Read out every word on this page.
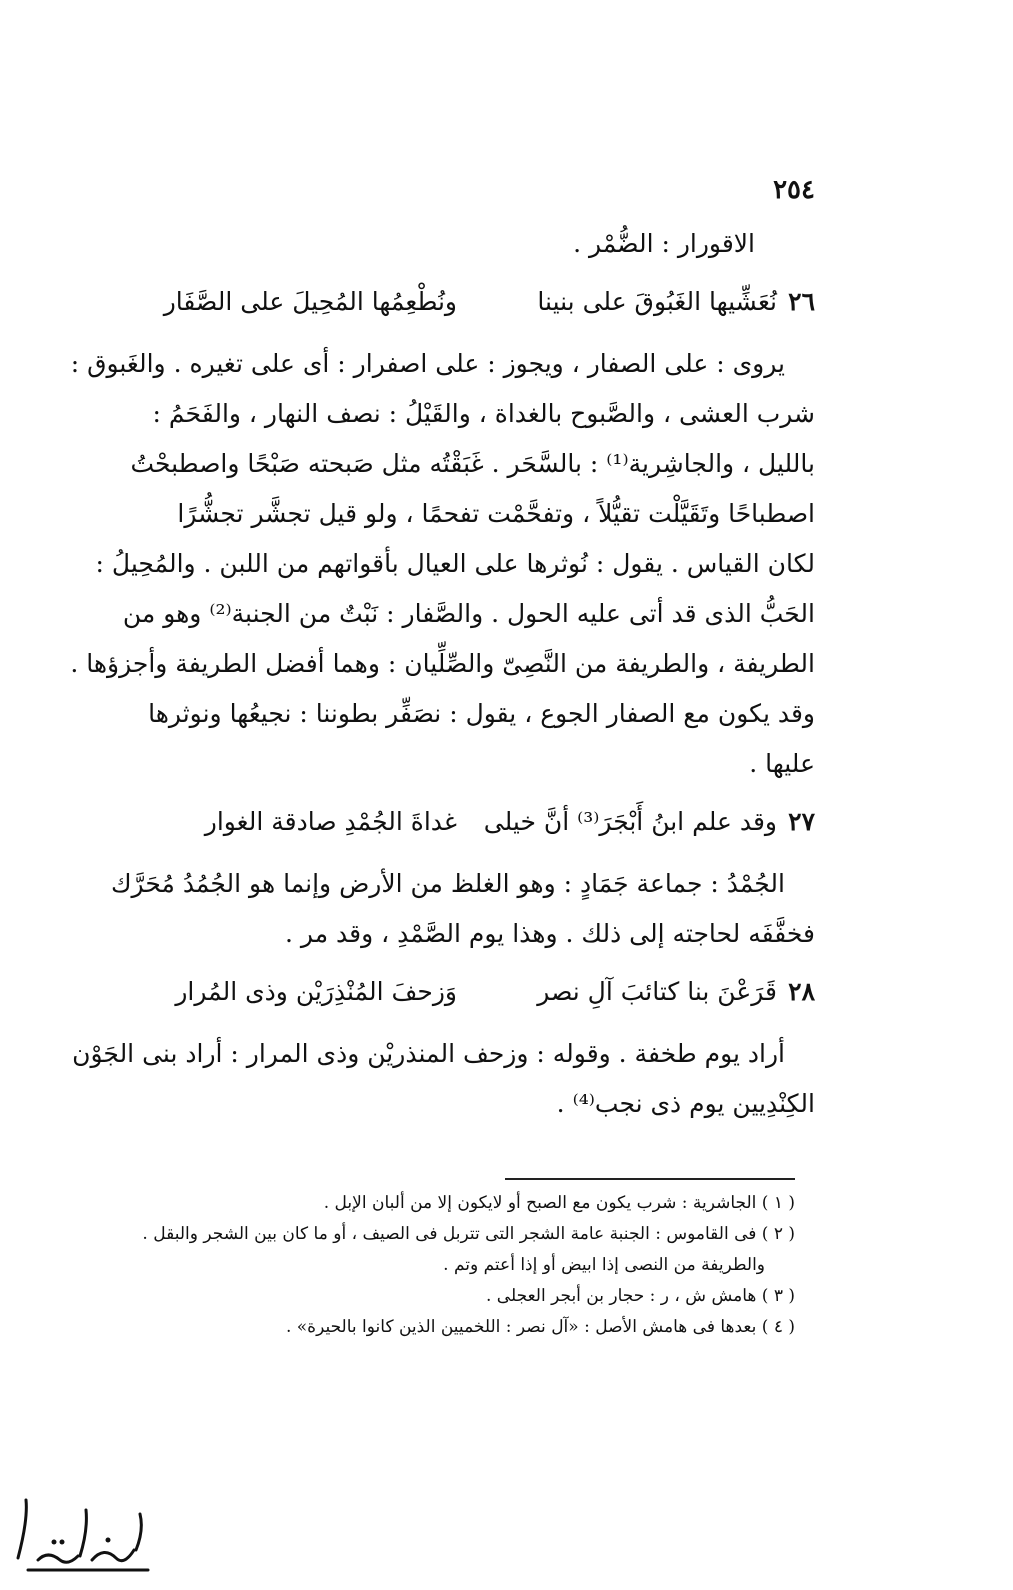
٢٥٤
الاقورار : الضُّمْر .
٢٦
نُعَشِّيها الغَبُوقَ على بنينا
ونُطْعِمُها المُحِيلَ على الصَّفَار
يروى : على الصفار ، ويجوز : على اصفرار : أى على تغيره . والغَبوق :
شرب العشى ، والصَّبوح بالغداة ، والقَيْلُ : نصف النهار ، والفَحَمُ :
بالليل ، والجاشِرية⁽¹⁾ : بالسَّحَر . غَبَقْتُه مثل صَبحته صَبْحًا واصطبحْتُ
اصطباحًا وتَقَيَّلْت تقيُّلاً ، وتفحَّمْت تفحمًا ، ولو قيل تجشَّر تجشُّرًا
لكان القياس . يقول : نُوثرها على العيال بأقواتهم من اللبن . والمُحِيلُ :
الحَبُّ الذى قد أتى عليه الحول . والصَّفار : نَبْتٌ من الجنبة⁽²⁾ وهو من
الطريفة ، والطريفة من النَّصِىّ والصِّلِّيان : وهما أفضل الطريفة وأجزؤها .
وقد يكون مع الصفار الجوع ، يقول : نصَفِّر بطوننا : نجيعُها ونوثرها
عليها .
٢٧
وقد علم ابنُ أَبْجَرَ⁽³⁾ أنَّ خيلى
غداةَ الجُمْدِ صادقة الغوار
الجُمْدُ : جماعة جَمَادٍ : وهو الغلظ من الأرض وإنما هو الجُمُدُ مُحَرَّك
فخفَّفَه لحاجته إلى ذلك . وهذا يوم الصَّمْدِ ، وقد مر .
٢٨
قَرَعْنَ بنا كتائبَ آلِ نصر
وَزحفَ المُنْذِرَيْن وذى المُرار
أراد يوم طخفة . وقوله : وزحف المنذريْن وذى المرار : أراد بنى الجَوْن
الكِنْدِيين يوم ذى نجب⁽⁴⁾ .
( ١ ) الجاشرية : شرب يكون مع الصبح أو لايكون إلا من ألبان الإبل .
( ٢ ) فى القاموس : الجنبة عامة الشجر التى تتربل فى الصيف ، أو ما كان بين الشجر والبقل .
والطريفة من النصى إذا ابيض أو إذا أعتم وتم .
( ٣ ) هامش ش ، ر : حجار بن أبجر العجلى .
( ٤ ) بعدها فى هامش الأصل : «آل نصر : اللخميين الذين كانوا بالحيرة» .
